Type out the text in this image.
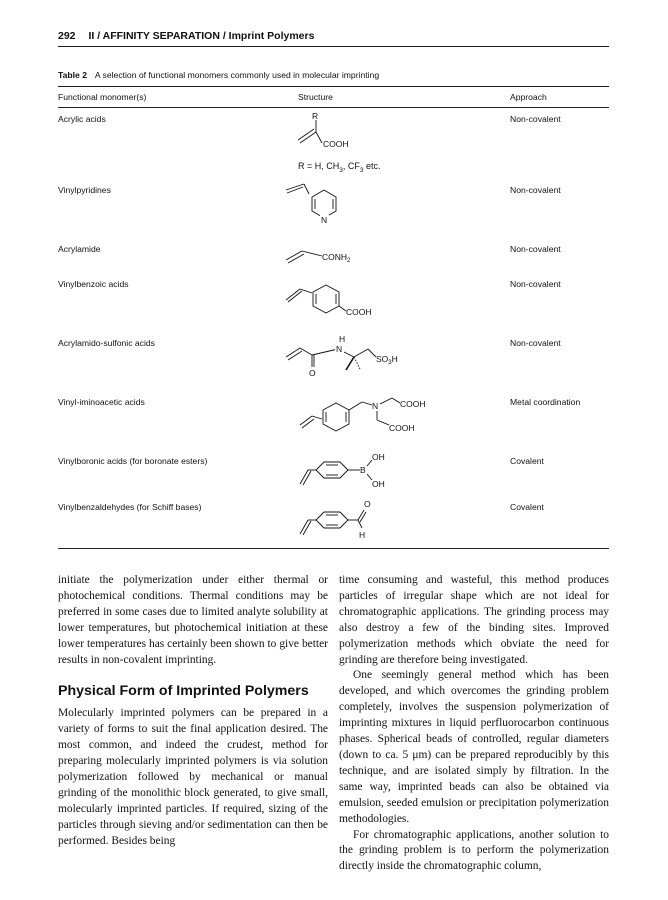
292 II / AFFINITY SEPARATION / Imprint Polymers
Table 2 A selection of functional monomers commonly used in molecular imprinting
Functional monomer(s)	Structure	Approach
Acrylic acids	Non-covalent
R
COOH
R = H, $CH_3$, $CF_3$ etc.
Vinylpyridines	Non-covalent
N
Acrylamide	Non-covalent
$CONH_2$
Vinylbenzoic acids	Non-covalent
COOH
Acrylamido-sulfonic acids	Non-covalent
O
H
N
$SO_3H$
Vinyl-iminoacetic acids	Metal coordination
N	COOH
COOH
Vinylboronic acids (for boronate esters)	Covalent
B
OH
OH
Vinylbenzaldehydes (for Schiff bases)	Covalent
O
H

initiate the polymerization under either thermal or photochemical conditions. Thermal conditions may be preferred in some cases due to limited analyte solubility at lower temperatures, but photochemical initiation at these lower temperatures has certainly been shown to give better results in non-covalent imprinting.

Physical Form of Imprinted Polymers

Molecularly imprinted polymers can be prepared in a variety of forms to suit the final application desired. The most common, and indeed the crudest, method for preparing molecularly imprinted polymers is via solution polymerization followed by mechanical or manual grinding of the monolithic block generated, to give small, molecularly imprinted particles. If required, sizing of the particles through sieving and/or sedimentation can then be performed. Besides being

time consuming and wasteful, this method produces particles of irregular shape which are not ideal for chromatographic applications. The grinding process may also destroy a few of the binding sites. Improved polymerization methods which obviate the need for grinding are therefore being investigated.

One seemingly general method which has been developed, and which overcomes the grinding problem completely, involves the suspension polymerization of imprinting mixtures in liquid perfluorocarbon continuous phases. Spherical beads of controlled, regular diameters (down to ca. 5 μm) can be prepared reproducibly by this technique, and are isolated simply by filtration. In the same way, imprinted beads can also be obtained via emulsion, seeded emulsion or precipitation polymerization methodologies.

For chromatographic applications, another solution to the grinding problem is to perform the polymerization directly inside the chromatographic column,
